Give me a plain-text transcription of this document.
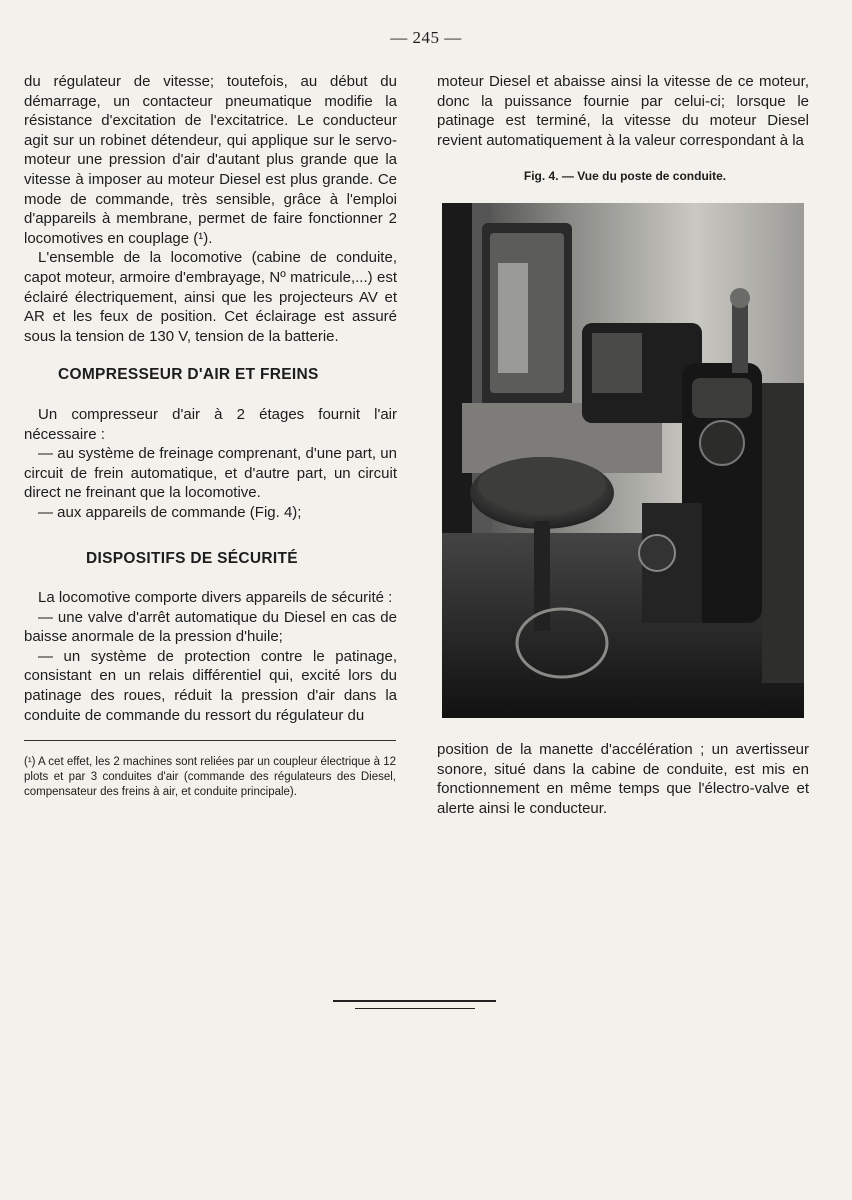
— 245 —

du régulateur de vitesse; toutefois, au début du démarrage, un contacteur pneumatique modifie la résistance d'excitation de l'excitatrice. Le conducteur agit sur un robinet détendeur, qui applique sur le servo-moteur une pression d'air d'autant plus grande que la vitesse à imposer au moteur Diesel est plus grande. Ce mode de commande, très sensible, grâce à l'emploi d'appareils à membrane, permet de faire fonctionner 2 locomotives en couplage (¹).

L'ensemble de la locomotive (cabine de conduite, capot moteur, armoire d'embrayage, Nº matricule,...) est éclairé électriquement, ainsi que les projecteurs AV et AR et les feux de position. Cet éclairage est assuré sous la tension de 130 V, tension de la batterie.

COMPRESSEUR D'AIR ET FREINS

Un compresseur d'air à 2 étages fournit l'air nécessaire :

— au système de freinage comprenant, d'une part, un circuit de frein automatique, et d'autre part, un circuit direct ne freinant que la locomotive.

— aux appareils de commande (Fig. 4);

DISPOSITIFS DE SÉCURITÉ

La locomotive comporte divers appareils de sécurité :

— une valve d'arrêt automatique du Diesel en cas de baisse anormale de la pression d'huile;

— un système de protection contre le patinage, consistant en un relais différentiel qui, excité lors du patinage des roues, réduit la pression d'air dans la conduite de commande du ressort du régulateur du

(¹) A cet effet, les 2 machines sont reliées par un coupleur électrique à 12 plots et par 3 conduites d'air (commande des régulateurs des Diesel, compensateur des freins à air, et conduite principale).
moteur Diesel et abaisse ainsi la vitesse de ce moteur, donc la puissance fournie par celui-ci; lorsque le patinage est terminé, la vitesse du moteur Diesel revient automatiquement à la valeur correspondant à la
Fig. 4. — Vue du poste de conduite.
position de la manette d'accélération ; un avertisseur sonore, situé dans la cabine de conduite, est mis en fonctionnement en même temps que l'électro-valve et alerte ainsi le conducteur.
